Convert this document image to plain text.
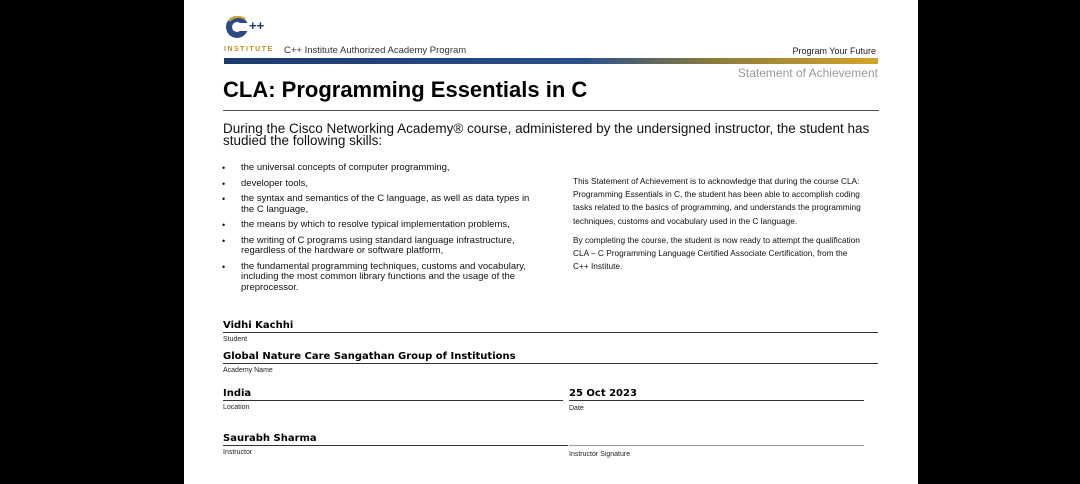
++
INSTITUTE C++ Institute Authorized Academy Program	Program Your Future
Statement of Achievement
CLA: Programming Essentials in C
During the Cisco Networking Academy® course, administered by the undersigned instructor, the student has studied the following skills:
• the universal concepts of computer programming,
• developer tools,
• the syntax and semantics of the C language, as well as data types in the C language,
• the means by which to resolve typical implementation problems,
• the writing of C programs using standard language infrastructure, regardless of the hardware or software platform,
• the fundamental programming techniques, customs and vocabulary, including the most common library functions and the usage of the preprocessor.

This Statement of Achievement is to acknowledge that during the course CLA: Programming Essentials in C, the student has been able to accomplish coding tasks related to the basics of programming, and understands the programming techniques, customs and vocabulary used in the C language.

By completing the course, the student is now ready to attempt the qualification CLA – C Programming Language Certified Associate Certification, from the C++ Institute.

Vidhi Kachhi
Student
Global Nature Care Sangathan Group of Institutions
Academy Name
India
Location
25 Oct 2023
Date
Saurabh Sharma
Instructor	Instructor Signature
